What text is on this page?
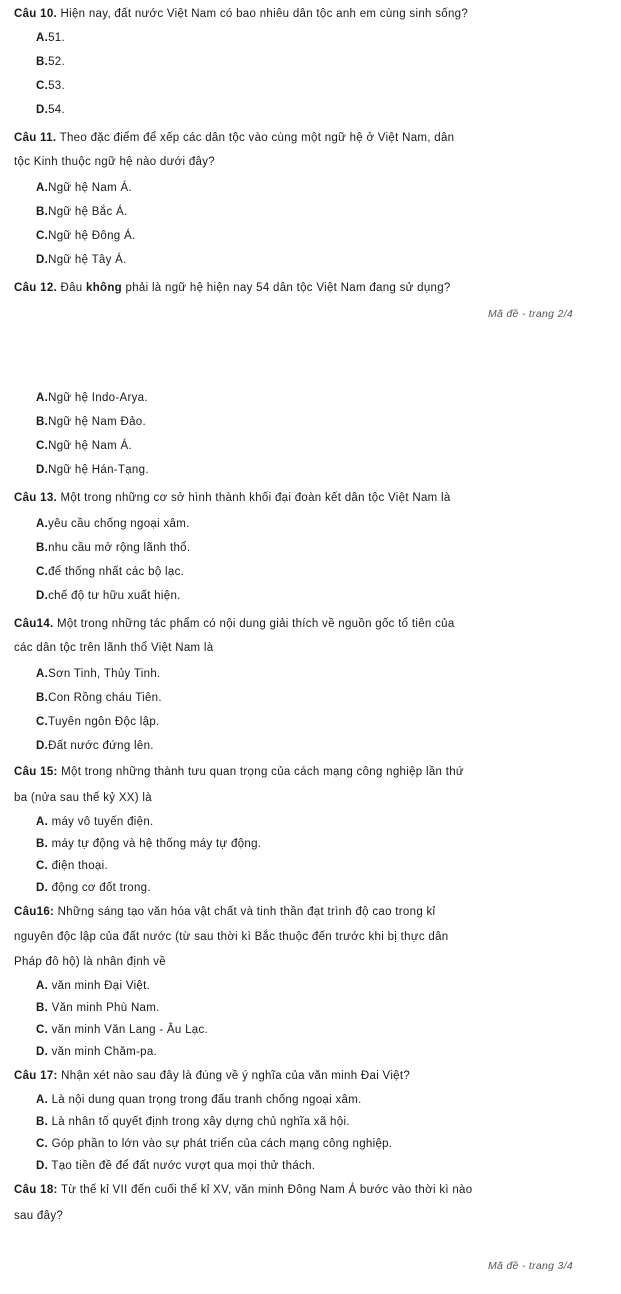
Câu 10. Hiện nay, đất nước Việt Nam có bao nhiêu dân tộc anh em cùng sinh sống?
A.51.
B.52.
C.53.
D.54.
Câu 11. Theo đặc điểm để xếp các dân tộc vào cùng một ngữ hệ ở Việt Nam, dân
tộc Kinh thuộc ngữ hệ nào dưới đây?
A.Ngữ hệ Nam Á.
B.Ngữ hệ Bắc Á.
C.Ngữ hệ Đông Á.
D.Ngữ hệ Tây Á.
Câu 12. Đâu không phải là ngữ hệ hiện nay 54 dân tộc Việt Nam đang sử dụng?
Mã đề - trang 2/4
A.Ngữ hệ Indo-Arya.
B.Ngữ hệ Nam Đảo.
C.Ngữ hệ Nam Á.
D.Ngữ hệ Hán-Tạng.
Câu 13. Một trong những cơ sở hình thành khối đại đoàn kết dân tộc Việt Nam là
A.yêu cầu chống ngoại xâm.
B.nhu cầu mở rộng lãnh thổ.
C.để thống nhất các bộ lạc.
D.chế độ tư hữu xuất hiện.
Câu14. Một trong những tác phẩm có nội dung giải thích về nguồn gốc tổ tiên của
các dân tộc trên lãnh thổ Việt Nam là
A.Sơn Tinh, Thủy Tinh.
B.Con Rồng cháu Tiên.
C.Tuyên ngôn Độc lập.
D.Đất nước đứng lên.
Câu 15: Một trong những thành tưu quan trọng của cách mạng công nghiệp lần thứ
ba (nửa sau thế kỷ XX) là
A. máy vô tuyến điện.
B. máy tự động và hệ thống máy tự động.
C. điện thoại.
D. động cơ đốt trong.
Câu16: Những sáng tạo văn hóa vật chất và tinh thần đạt trình độ cao trong kỉ
nguyên độc lập của đất nước (từ sau thời kì Bắc thuộc đến trước khi bị thực dân
Pháp đô hộ) là nhân định về
A. văn minh Đại Việt.
B. Văn minh Phù Nam.
C. văn minh Văn Lang - Âu Lạc.
D. văn minh Chăm-pa.
Câu 17: Nhận xét nào sau đây là đúng về ý nghĩa của văn minh Đai Việt?
A. Là nội dung quan trọng trong đấu tranh chống ngoại xâm.
B. Là nhân tố quyết định trong xây dựng chủ nghĩa xã hội.
C. Góp phần to lớn vào sự phát triển của cách mạng công nghiệp.
D. Tạo tiền đề để đất nước vượt qua mọi thử thách.
Câu 18: Từ thế kỉ VII đến cuối thế kỉ XV, văn minh Đông Nam Á bước vào thời kì nào
sau đây?
Mã đề - trang 3/4
